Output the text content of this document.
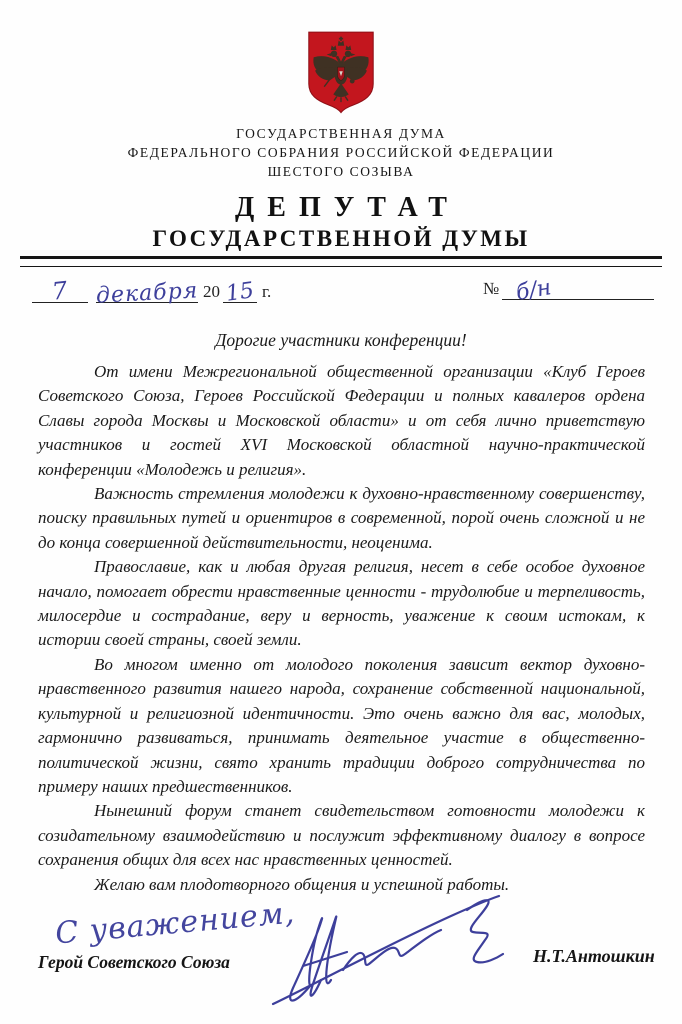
ГОСУДАРСТВЕННАЯ ДУМА
ФЕДЕРАЛЬНОГО СОБРАНИЯ РОССИЙСКОЙ ФЕДЕРАЦИИ
ШЕСТОГО СОЗЫВА
ДЕПУТАТ
ГОСУДАРСТВЕННОЙ ДУМЫ
7	декабря 20 15 г.	№ б/н
Дорогие участники конференции!

От имени Межрегиональной общественной организации «Клуб Героев Советского Союза, Героев Российской Федерации и полных кавалеров ордена Славы города Москвы и Московской области» и от себя лично приветствую участников и гостей XVI Московской областной научно-практической конференции «Молодежь и религия».

Важность стремления молодежи к духовно-нравственному совершенству, поиску правильных путей и ориентиров в современной, порой очень сложной и не до конца совершенной действительности, неоценима.

Православие, как и любая другая религия, несет в себе особое духовное начало, помогает обрести нравственные ценности - трудолюбие и терпеливость, милосердие и сострадание, веру и верность, уважение к своим истокам, к истории своей страны, своей земли.

Во многом именно от молодого поколения зависит вектор духовно-нравственного развития нашего народа, сохранение собственной национальной, культурной и религиозной идентичности. Это очень важно для вас, молодых, гармонично развиваться, принимать деятельное участие в общественно-политической жизни, свято хранить традиции доброго сотрудничества по примеру наших предшественников.

Нынешний форум станет свидетельством готовности молодежи к созидательному взаимодействию и послужит эффективному диалогу в вопросе сохранения общих для всех нас нравственных ценностей.

Желаю вам плодотворного общения и успешной работы.

С уважением,
Герой Советского Союза	Н.Т.Антошкин
